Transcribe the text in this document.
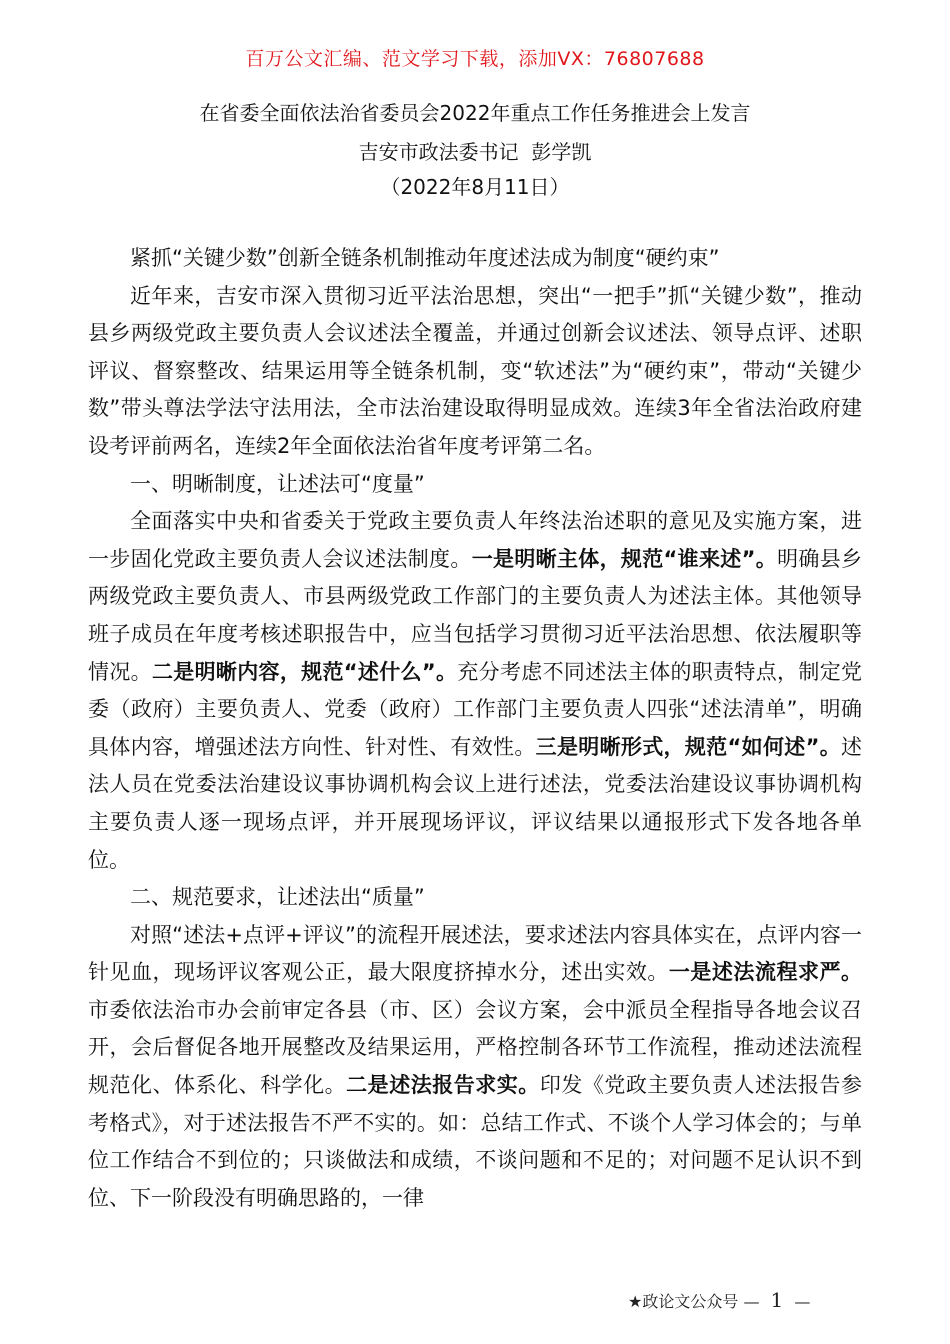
百万公文汇编、范文学习下载，添加VX：76807688
在省委全面依法治省委员会2022年重点工作任务推进会上发言
吉安市政法委书记  彭学凯
（2022年8月11日）

紧抓“关键少数”创新全链条机制推动年度述法成为制度“硬约束”

近年来，吉安市深入贯彻习近平法治思想，突出“一把手”抓“关键少数”，推动县乡两级党政主要负责人会议述法全覆盖，并通过创新会议述法、领导点评、述职评议、督察整改、结果运用等全链条机制，变“软述法”为“硬约束”，带动“关键少数”带头尊法学法守法用法，全市法治建设取得明显成效。连续3年全省法治政府建设考评前两名，连续2年全面依法治省年度考评第二名。

一、明晰制度，让述法可“度量”

全面落实中央和省委关于党政主要负责人年终法治述职的意见及实施方案，进一步固化党政主要负责人会议述法制度。一是明晰主体，规范“谁来述”。明确县乡两级党政主要负责人、市县两级党政工作部门的主要负责人为述法主体。其他领导班子成员在年度考核述职报告中，应当包括学习贯彻习近平法治思想、依法履职等情况。二是明晰内容，规范“述什么”。充分考虑不同述法主体的职责特点，制定党委（政府）主要负责人、党委（政府）工作部门主要负责人四张“述法清单”，明确具体内容，增强述法方向性、针对性、有效性。三是明晰形式，规范“如何述”。述法人员在党委法治建设议事协调机构会议上进行述法，党委法治建设议事协调机构主要负责人逐一现场点评，并开展现场评议，评议结果以通报形式下发各地各单位。

二、规范要求，让述法出“质量”

对照“述法+点评+评议”的流程开展述法，要求述法内容具体实在，点评内容一针见血，现场评议客观公正，最大限度挤掉水分，述出实效。一是述法流程求严。市委依法治市办会前审定各县（市、区）会议方案，会中派员全程指导各地会议召开，会后督促各地开展整改及结果运用，严格控制各环节工作流程，推动述法流程规范化、体系化、科学化。二是述法报告求实。印发《党政主要负责人述法报告参考格式》，对于述法报告不严不实的。如：总结工作式、不谈个人学习体会的；与单位工作结合不到位的；只谈做法和成绩，不谈问题和不足的；对问题不足认识不到位、下一阶段没有明确思路的，一律

★政论文公众号 — 1 —
